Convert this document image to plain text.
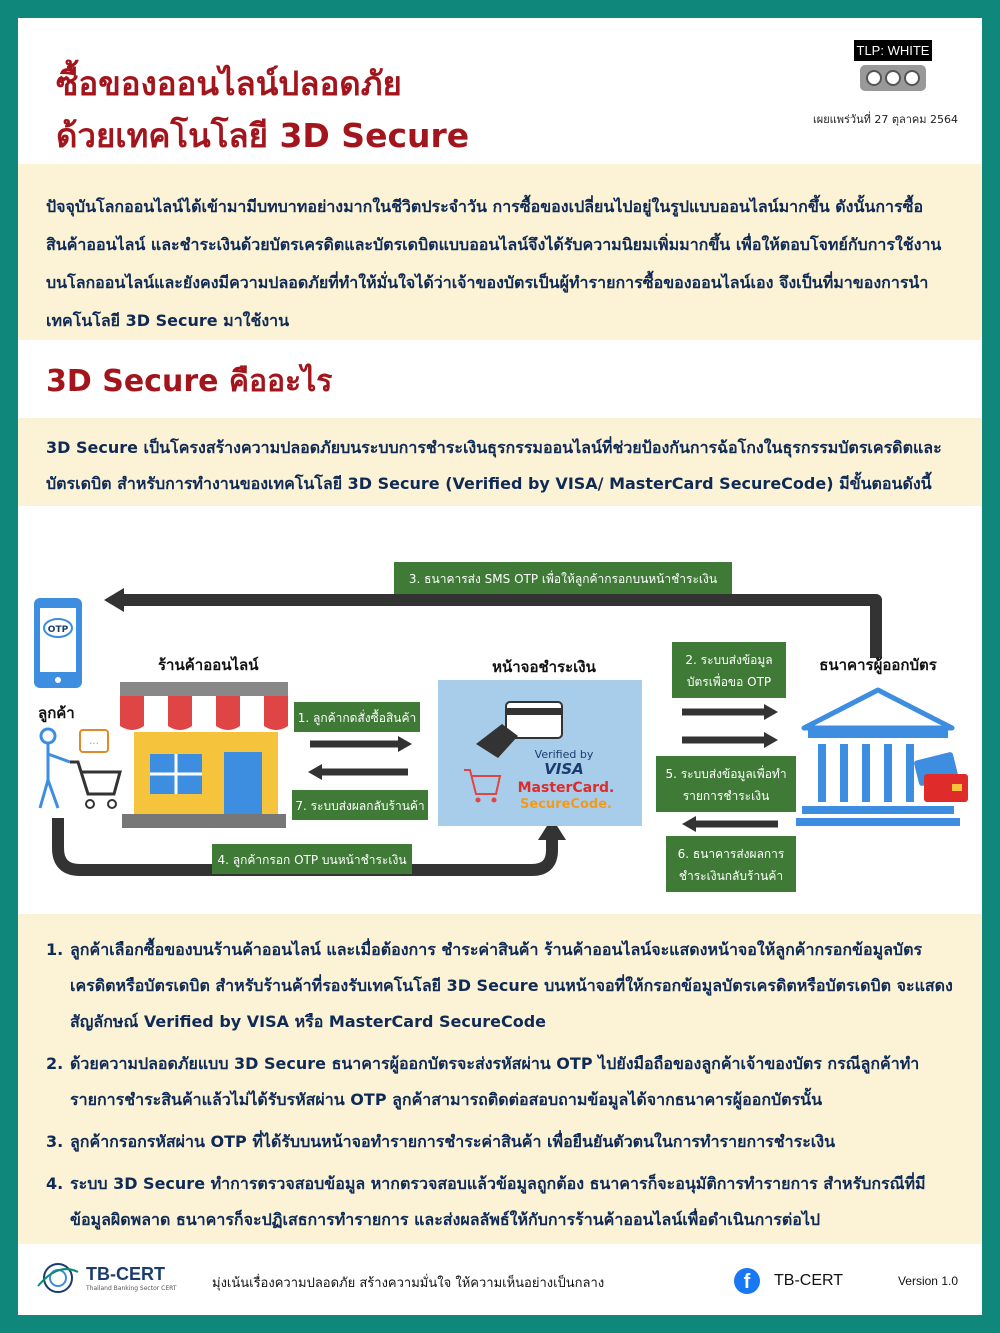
ซื้อของออนไลน์ปลอดภัย
ด้วยเทคโนโลยี 3D Secure
TLP: WHITE
เผยแพร่วันที่ 27 ตุลาคม 2564
ปัจจุบันโลกออนไลน์ได้เข้ามามีบทบาทอย่างมากในชีวิตประจำวัน การซื้อของเปลี่ยนไปอยู่ในรูปแบบออนไลน์มากขึ้น ดังนั้นการซื้อสินค้าออนไลน์ และชำระเงินด้วยบัตรเครดิตและบัตรเดบิตแบบออนไลน์จึงได้รับความนิยมเพิ่มมากขึ้น เพื่อให้ตอบโจทย์กับการใช้งานบนโลกออนไลน์และยังคงมีความปลอดภัยที่ทำให้มั่นใจได้ว่าเจ้าของบัตรเป็นผู้ทำรายการซื้อของออนไลน์เอง จึงเป็นที่มาของการนำเทคโนโลยี 3D Secure มาใช้งาน
3D Secure คืออะไร
3D Secure เป็นโครงสร้างความปลอดภัยบนระบบการชำระเงินธุรกรรมออนไลน์ที่ช่วยป้องกันการฉ้อโกงในธุรกรรมบัตรเครดิตและบัตรเดบิต สำหรับการทำงานของเทคโนโลยี 3D Secure (Verified by VISA/ MasterCard SecureCode) มีขั้นตอนดังนี้
3. ธนาคารส่ง SMS OTP เพื่อให้ลูกค้ากรอกบนหน้าชำระเงิน
OTP
ลูกค้า
...
4. ลูกค้ากรอก OTP บนหน้าชำระเงิน
ร้านค้าออนไลน์
1. ลูกค้ากดสั่งซื้อสินค้า
7. ระบบส่งผลกลับร้านค้า
หน้าจอชำระเงิน
Verified by
VISA
MasterCard.
SecureCode.
2. ระบบส่งข้อมูล
บัตรเพื่อขอ OTP
5. ระบบส่งข้อมูลเพื่อทำ
รายการชำระเงิน
6. ธนาคารส่งผลการ
ชำระเงินกลับร้านค้า
ธนาคารผู้ออกบัตร
1. ลูกค้าเลือกซื้อของบนร้านค้าออนไลน์ และเมื่อต้องการ ชำระค่าสินค้า ร้านค้าออนไลน์จะแสดงหน้าจอให้ลูกค้ากรอกข้อมูลบัตรเครดิตหรือบัตรเดบิต สำหรับร้านค้าที่รองรับเทคโนโลยี 3D Secure บนหน้าจอที่ให้กรอกข้อมูลบัตรเครดิตหรือบัตรเดบิต จะแสดงสัญลักษณ์ Verified by VISA หรือ MasterCard SecureCode
2. ด้วยความปลอดภัยแบบ 3D Secure ธนาคารผู้ออกบัตรจะส่งรหัสผ่าน OTP ไปยังมือถือของลูกค้าเจ้าของบัตร กรณีลูกค้าทำรายการชำระสินค้าแล้วไม่ได้รับรหัสผ่าน OTP ลูกค้าสามารถติดต่อสอบถามข้อมูลได้จากธนาคารผู้ออกบัตรนั้น
3. ลูกค้ากรอกรหัสผ่าน OTP ที่ได้รับบนหน้าจอทำรายการชำระค่าสินค้า เพื่อยืนยันตัวตนในการทำรายการชำระเงิน
4. ระบบ 3D Secure ทำการตรวจสอบข้อมูล หากตรวจสอบแล้วข้อมูลถูกต้อง ธนาคารก็จะอนุมัติการทำรายการ สำหรับกรณีที่มีข้อมูลผิดพลาด ธนาคารก็จะปฏิเสธการทำรายการ และส่งผลลัพธ์ให้กับการร้านค้าออนไลน์เพื่อดำเนินการต่อไป
TB-CERT
Thailand Banking Sector CERT	มุ่งเน้นเรื่องความปลอดภัย สร้างความมั่นใจ ให้ความเห็นอย่างเป็นกลาง	f	TB-CERT	Version 1.0
